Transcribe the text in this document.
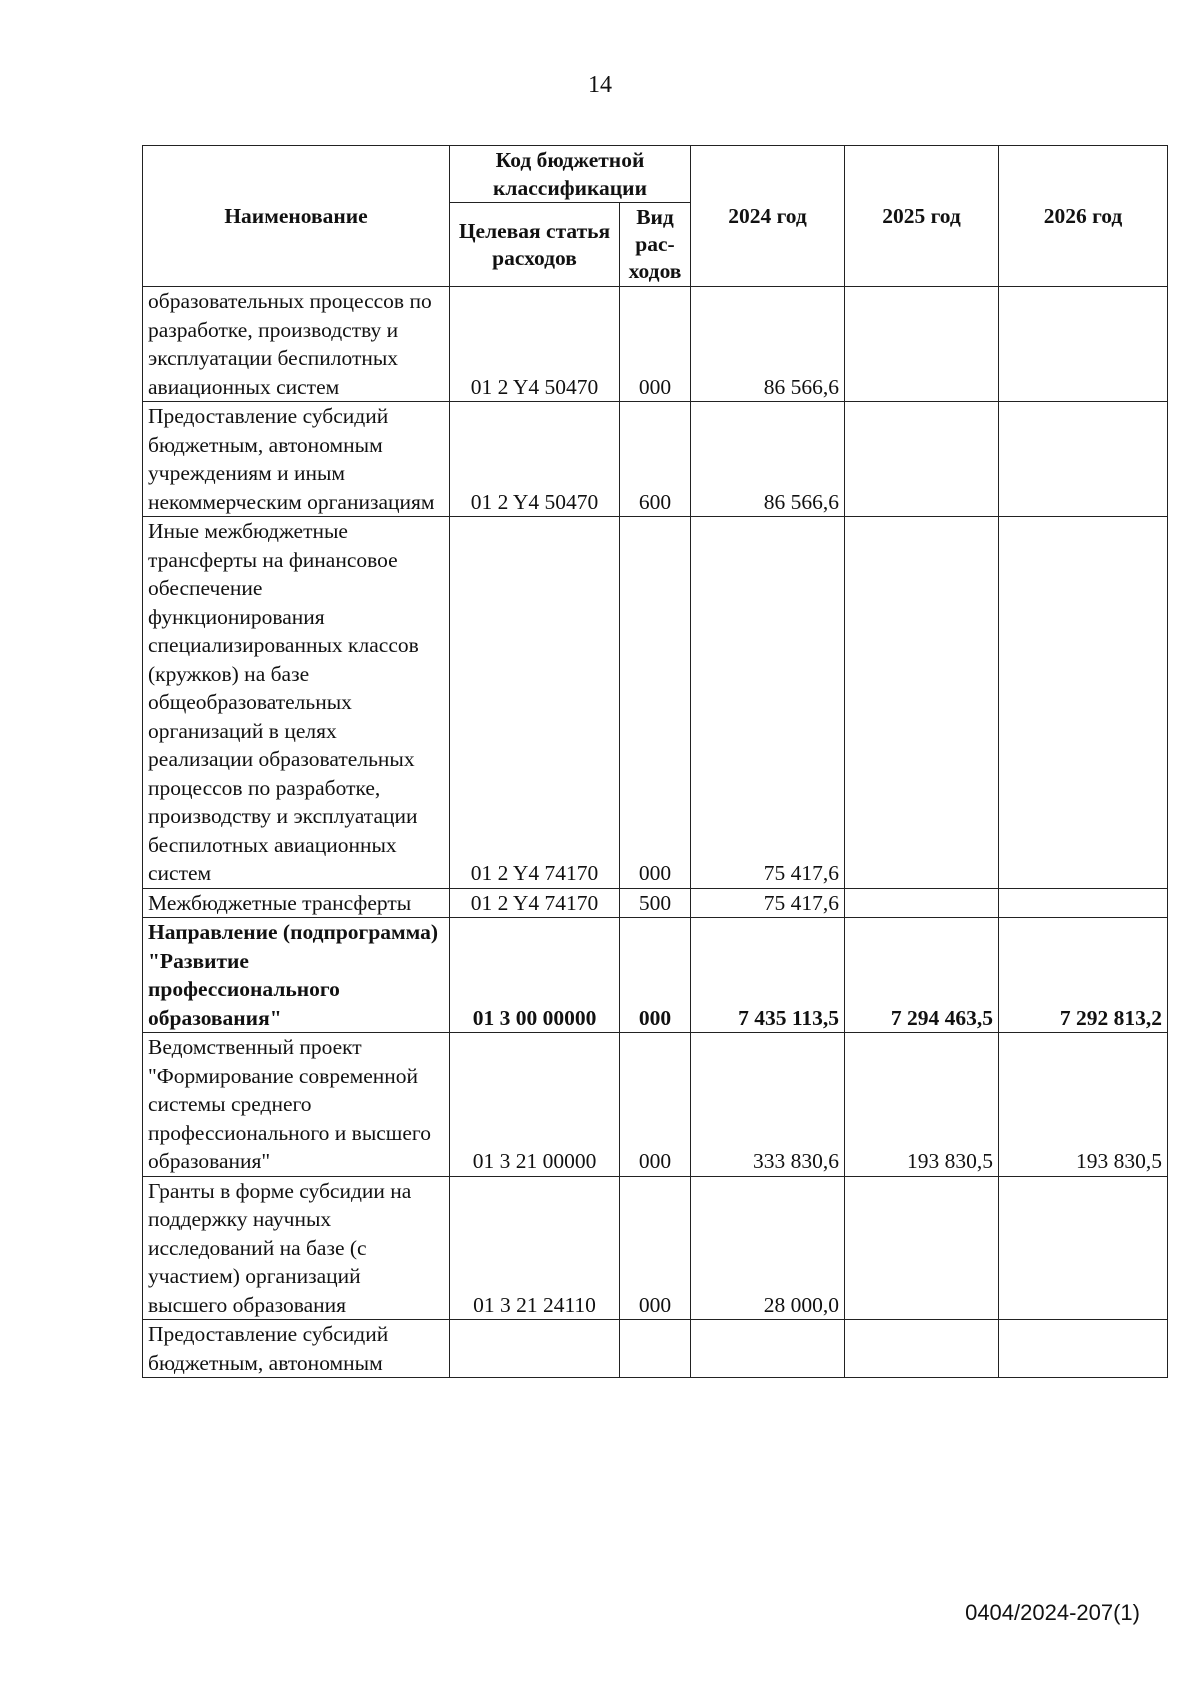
14
Наименование	Код бюджетной классификации		2024 год	2025 год	2026 год
	Целевая статья расходов	Вид рас-ходов			
образовательных процессов по разработке, производству и эксплуатации беспилотных авиационных систем	01 2 Y4 50470	000	86 566,6		
Предоставление субсидий бюджетным, автономным учреждениям и иным некоммерческим организациям	01 2 Y4 50470	600	86 566,6		
Иные межбюджетные трансферты на финансовое обеспечение функционирования специализированных классов (кружков) на базе общеобразовательных организаций в целях реализации образовательных процессов по разработке, производству и эксплуатации беспилотных авиационных систем	01 2 Y4 74170	000	75 417,6		
Межбюджетные трансферты	01 2 Y4 74170	500	75 417,6		
Направление (подпрограмма) "Развитие профессионального образования"	01 3 00 00000	000	7 435 113,5	7 294 463,5	7 292 813,2
Ведомственный проект "Формирование современной системы среднего профессионального и высшего образования"	01 3 21 00000	000	333 830,6	193 830,5	193 830,5
Гранты в форме субсидии на поддержку научных исследований на базе (с участием) организаций высшего образования	01 3 21 24110	000	28 000,0		
Предоставление субсидий бюджетным, автономным					
0404/2024-207(1)
